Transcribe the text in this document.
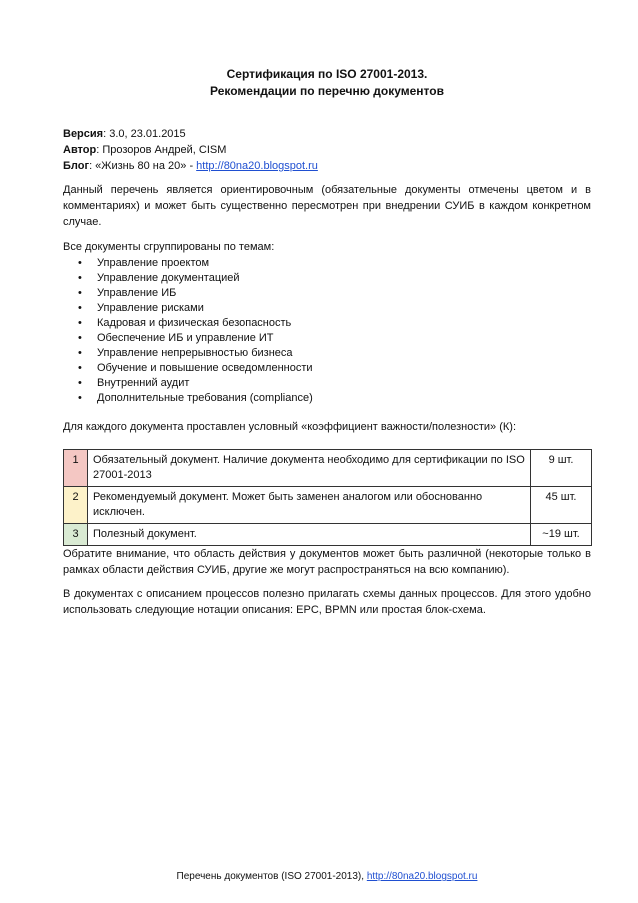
Сертификация по ISO 27001-2013.
Рекомендации по перечню документов
Версия: 3.0, 23.01.2015
Автор: Прозоров Андрей, CISM
Блог: «Жизнь 80 на 20» - http://80na20.blogspot.ru
Данный перечень является ориентировочным (обязательные документы отмечены цветом и в комментариях) и может быть существенно пересмотрен при внедрении СУИБ в каждом конкретном случае.
Все документы сгруппированы по темам:
• Управление проектом
• Управление документацией
• Управление ИБ
• Управление рисками
• Кадровая и физическая безопасность
• Обеспечение ИБ и управление ИТ
• Управление непрерывностью бизнеса
• Обучение и повышение осведомленности
• Внутренний аудит
• Дополнительные требования (compliance)
Для каждого документа проставлен условный «коэффициент важности/полезности» (К):
1	Обязательный документ. Наличие документа необходимо для сертификации по ISO 27001-2013	9 шт.
2	Рекомендуемый документ. Может быть заменен аналогом или обоснованно исключен.	45 шт.
3	Полезный документ.	~19 шт.
Обратите внимание, что область действия у документов может быть различной (некоторые только в рамках области действия СУИБ, другие же могут распространяться на всю компанию).
В документах с описанием процессов полезно прилагать схемы данных процессов. Для этого удобно использовать следующие нотации описания: EPC, BPMN или простая блок-схема.
Перечень документов (ISO 27001-2013), http://80na20.blogspot.ru
